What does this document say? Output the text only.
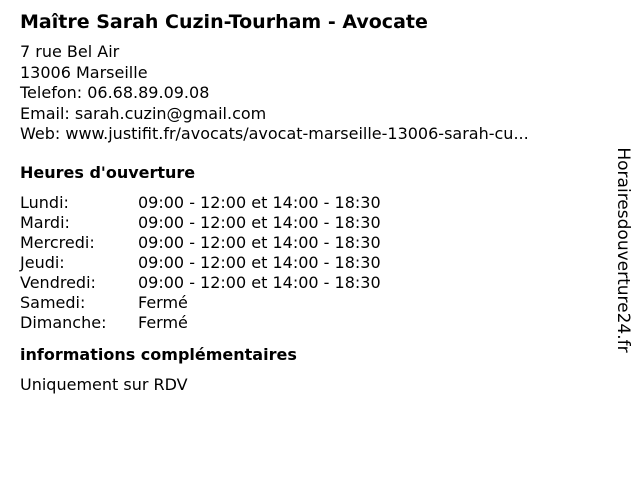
Maître Sarah Cuzin-Tourham - Avocate
7 rue Bel Air
13006 Marseille
Telefon: 06.68.89.09.08
Email: sarah.cuzin@gmail.com
Web: www.justifit.fr/avocats/avocat-marseille-13006-sarah-cu...
Heures d'ouverture
Lundi:	09:00 - 12:00 et 14:00 - 18:30
Mardi:	09:00 - 12:00 et 14:00 - 18:30
Mercredi:	09:00 - 12:00 et 14:00 - 18:30
Jeudi:	09:00 - 12:00 et 14:00 - 18:30
Vendredi:	09:00 - 12:00 et 14:00 - 18:30
Samedi:	Fermé
Dimanche:	Fermé
informations complémentaires
Uniquement sur RDV
Horairesdouverture24.fr
